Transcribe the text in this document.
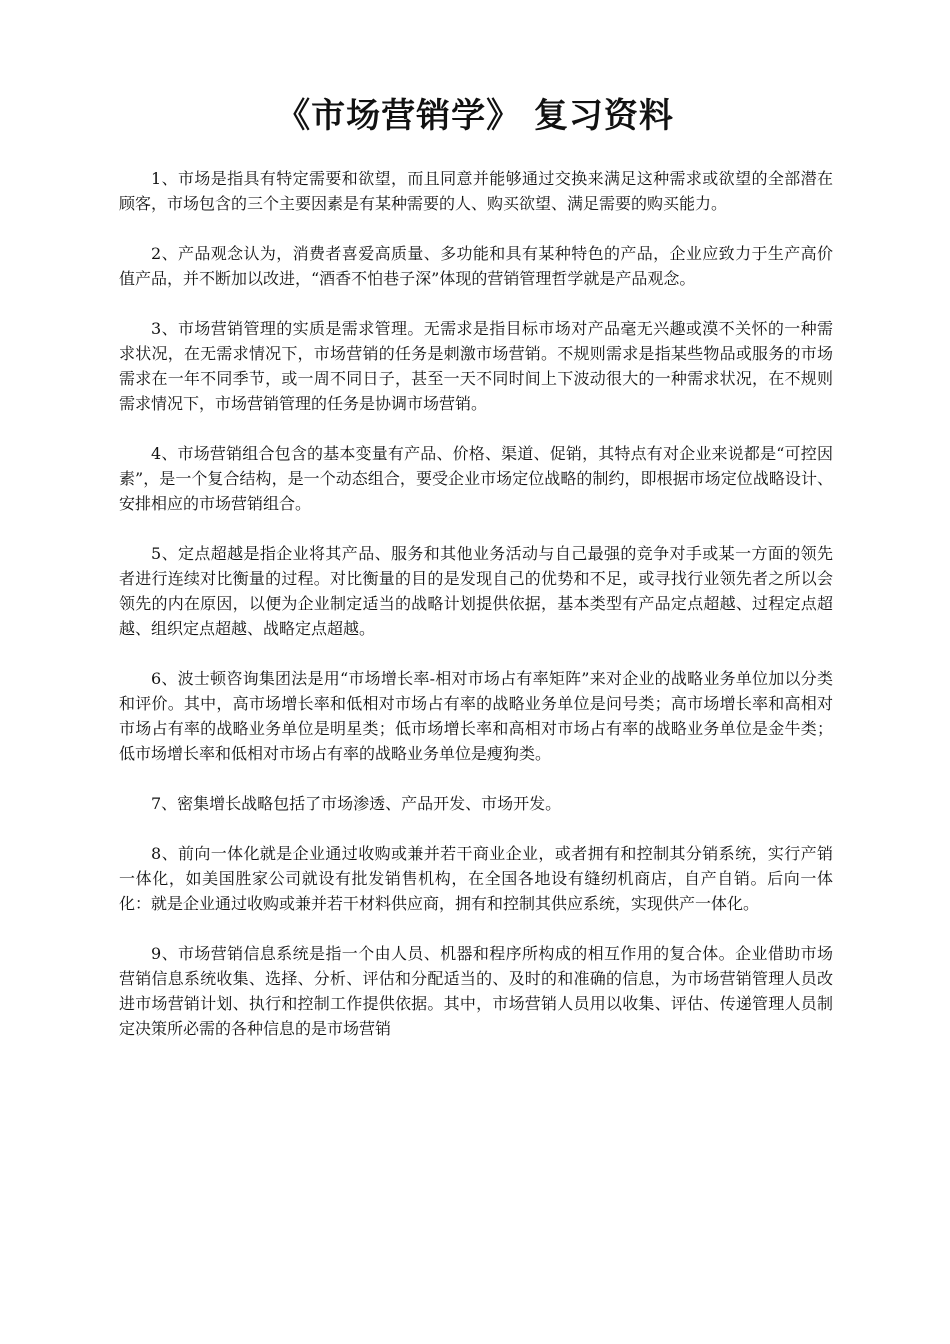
《市场营销学》 复习资料

1、市场是指具有特定需要和欲望，而且同意并能够通过交换来满足这种需求或欲望的全部潜在顾客，市场包含的三个主要因素是有某种需要的人、购买欲望、满足需要的购买能力。

2、产品观念认为，消费者喜爱高质量、多功能和具有某种特色的产品，企业应致力于生产高价值产品，并不断加以改进，“酒香不怕巷子深”体现的营销管理哲学就是产品观念。

3、市场营销管理的实质是需求管理。无需求是指目标市场对产品毫无兴趣或漠不关怀的一种需求状况，在无需求情况下，市场营销的任务是刺激市场营销。不规则需求是指某些物品或服务的市场需求在一年不同季节，或一周不同日子，甚至一天不同时间上下波动很大的一种需求状况，在不规则需求情况下，市场营销管理的任务是协调市场营销。

4、市场营销组合包含的基本变量有产品、价格、渠道、促销，其特点有对企业来说都是“可控因素”，是一个复合结构，是一个动态组合，要受企业市场定位战略的制约，即根据市场定位战略设计、安排相应的市场营销组合。

5、定点超越是指企业将其产品、服务和其他业务活动与自己最强的竞争对手或某一方面的领先者进行连续对比衡量的过程。对比衡量的目的是发现自己的优势和不足，或寻找行业领先者之所以会领先的内在原因，以便为企业制定适当的战略计划提供依据，基本类型有产品定点超越、过程定点超越、组织定点超越、战略定点超越。

6、波士顿咨询集团法是用“市场增长率-相对市场占有率矩阵”来对企业的战略业务单位加以分类和评价。其中，高市场增长率和低相对市场占有率的战略业务单位是问号类；高市场增长率和高相对市场占有率的战略业务单位是明星类；低市场增长率和高相对市场占有率的战略业务单位是金牛类；低市场增长率和低相对市场占有率的战略业务单位是瘦狗类。

7、密集增长战略包括了市场渗透、产品开发、市场开发。

8、前向一体化就是企业通过收购或兼并若干商业企业，或者拥有和控制其分销系统，实行产销一体化，如美国胜家公司就设有批发销售机构，在全国各地设有缝纫机商店，自产自销。后向一体化：就是企业通过收购或兼并若干材料供应商，拥有和控制其供应系统，实现供产一体化。

9、市场营销信息系统是指一个由人员、机器和程序所构成的相互作用的复合体。企业借助市场营销信息系统收集、选择、分析、评估和分配适当的、及时的和准确的信息，为市场营销管理人员改进市场营销计划、执行和控制工作提供依据。其中，市场营销人员用以收集、评估、传递管理人员制定决策所必需的各种信息的是市场营销
